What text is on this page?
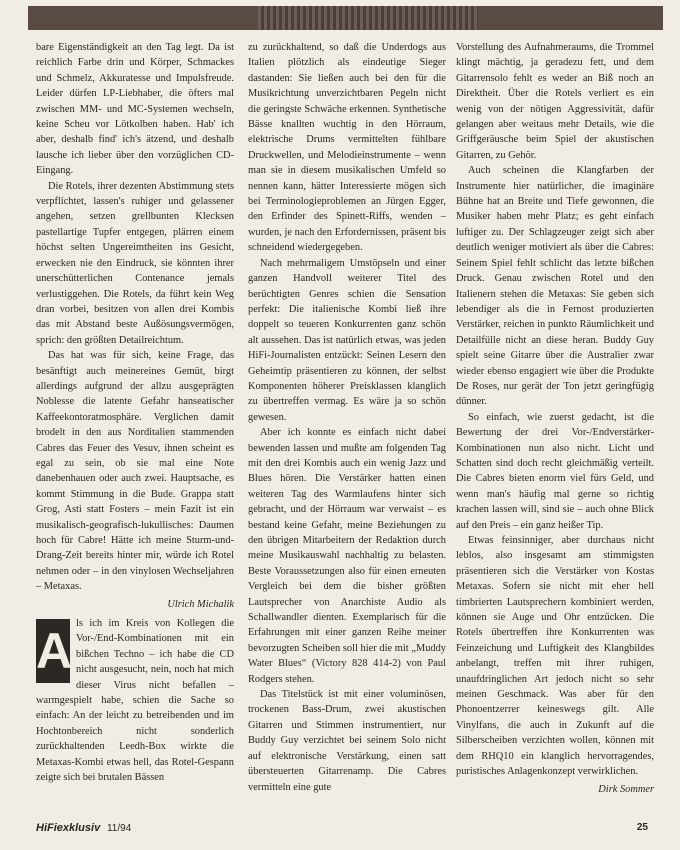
bare Eigenständigkeit an den Tag legt. Da ist reichlich Farbe drin und Körper, Schmackes und Schmelz, Akkuratesse und Impulsfreude. Leider dürfen LP-Liebhaber, die öfters mal zwischen MM- und MC-Systemen wechseln, keine Scheu vor Lötkolben haben. Hab' ich aber, deshalb find' ich's ätzend, und deshalb lausche ich lieber über den vorzüglichen CD-Eingang.

Die Rotels, ihrer dezenten Abstimmung stets verpflichtet, lassen's ruhiger und gelassener angehen, setzen grellbunten Klecksen pastellartige Tupfer entgegen, plärren einem höchst selten Ungereimtheiten ins Gesicht, erwecken nie den Eindruck, sie könnten ihrer unerschütterlichen Contenance jemals verlustiggehen. Die Rotels, da führt kein Weg dran vorbei, besitzen von allen drei Kombis das mit Abstand beste Außösungsvermögen, sprich: den größten Detailreichtum.

Das hat was für sich, keine Frage, das besänftigt auch meinereines Gemüt, birgt allerdings aufgrund der allzu ausgeprägten Noblesse die latente Gefahr hanseatischer Kaffeekontoratmosphäre. Verglichen damit brodelt in den aus Norditalien stammenden Cabres das Feuer des Vesuv, ihnen scheint es egal zu sein, ob sie mal eine Note danebenhauen oder auch zwei. Hauptsache, es kommt Stimmung in die Bude. Grappa statt Grog, Asti statt Fosters – mein Fazit ist ein musikalisch-geografisch-lukullisches: Daumen hoch für Cabre! Hätte ich meine Sturm-und-Drang-Zeit bereits hinter mir, würde ich Rotel nehmen oder – in den vinylosen Wechseljahren – Metaxas.

Ulrich Michalik

A ls ich im Kreis von Kollegen die Vor-/End-Kombinationen mit ein bißchen Techno – ich habe die CD nicht ausgesucht, nein, noch hat mich dieser Virus nicht befallen – warmgespielt habe, schien die Sache so einfach: An der leicht zu betreibenden und im Hochtonbereich nicht sonderlich zurückhaltenden Leedh-Box wirkte die Metaxas-Kombi etwas hell, das Rotel-Gespann zeigte sich bei brutalen Bässen

zu zurückhaltend, so daß die Underdogs aus Italien plötzlich als eindeutige Sieger dastanden: Sie ließen auch bei den für die Musikrichtung unverzichtbaren Pegeln nicht die geringste Schwäche erkennen. Synthetische Bässe knallten wuchtig in den Hörraum, elektrische Drums vermittelten fühlbare Druckwellen, und Melodieinstrumente – wenn man sie in diesem musikalischen Umfeld so nennen kann, hätter Interessierte mögen sich bei Terminologieproblemen an Jürgen Egger, den Erfinder des Spinett-Riffs, wenden – wurden, je nach den Erfordernissen, präsent bis schneidend wiedergegeben.

Nach mehrmaligem Umstöpseln und einer ganzen Handvoll weiterer Titel des berüchtigten Genres schien die Sensation perfekt: Die italienische Kombi ließ ihre doppelt so teueren Konkurrenten ganz schön alt aussehen. Das ist natürlich etwas, was jeden HiFi-Journalisten entzückt: Seinen Lesern den Geheimtip präsentieren zu können, der selbst Komponenten höherer Preisklassen klanglich zu übertreffen vermag. Es wäre ja so schön gewesen.

Aber ich konnte es einfach nicht dabei bewenden lassen und mußte am folgenden Tag mit den drei Kombis auch ein wenig Jazz und Blues hören. Die Verstärker hatten einen weiteren Tag des Warmlaufens hinter sich gebracht, und der Hörraum war verwaist – es bestand keine Gefahr, meine Beziehungen zu den übrigen Mitarbeitern der Redaktion durch meine Musikauswahl nachhaltig zu belasten. Beste Voraussetzungen also für einen erneuten Vergleich bei dem die bisher größten Lautsprecher von Anarchiste Audio als Schallwandler dienten. Exemplarisch für die Erfahrungen mit einer ganzen Reihe meiner bevorzugten Scheiben soll hier die mit „Muddy Water Blues“ (Victory 828 414-2) von Paul Rodgers stehen.

Das Titelstück ist mit einer voluminösen, trockenen Bass-Drum, zwei akustischen Gitarren und Stimmen instrumentiert, nur Buddy Guy verzichtet bei seinem Solo nicht auf elektronische Verstärkung, einen satt übersteuerten Gitarrenamp. Die Cabres vermitteln eine gute

Vorstellung des Aufnahmeraums, die Trommel klingt mächtig, ja geradezu fett, und dem Gitarrensolo fehlt es weder an Biß noch an Direktheit. Über die Rotels verliert es ein wenig von der nötigen Aggressivität, dafür gelangen aber weitaus mehr Details, wie die Griffgeräusche beim Spiel der akustischen Gitarren, zu Gehör.

Auch scheinen die Klangfarben der Instrumente hier natürlicher, die imaginäre Bühne hat an Breite und Tiefe gewonnen, die Musiker haben mehr Platz; es geht einfach luftiger zu. Der Schlagzeuger zeigt sich aber deutlich weniger motiviert als über die Cabres: Seinem Spiel fehlt schlicht das letzte bißchen Druck. Genau zwischen Rotel und den Italienern stehen die Metaxas: Sie geben sich lebendiger als die in Fernost produzierten Verstärker, reichen in punkto Räumlichkeit und Detailfülle nicht an diese heran. Buddy Guy spielt seine Gitarre über die Australier zwar wieder ebenso engagiert wie über die Produkte De Roses, nur gerät der Ton jetzt geringfügig dünner.

So einfach, wie zuerst gedacht, ist die Bewertung der drei Vor-/Endverstärker-Kombinationen nun also nicht. Licht und Schatten sind doch recht gleichmäßig verteilt. Die Cabres bieten enorm viel fürs Geld, und wenn man's häufig mal gerne so richtig krachen lassen will, sind sie – auch ohne Blick auf den Preis – ein ganz heißer Tip.

Etwas feinsinniger, aber durchaus nicht leblos, also insgesamt am stimmigsten präsentieren sich die Verstärker von Kostas Metaxas. Sofern sie nicht mit eher hell timbrierten Lautsprechern kombiniert werden, können sie Auge und Ohr entzücken. Die Rotels übertreffen ihre Konkurrenten was Feinzeichung und Luftigkeit des Klangbildes anbelangt, treffen mit ihrer ruhigen, unaufdringlichen Art jedoch nicht so sehr meinen Geschmack. Was aber für den Phonoentzerrer keineswegs gilt. Alle Vinylfans, die auch in Zukunft auf die Silberscheiben verzichten wollen, können mit dem RHQ10 ein klanglich hervorragendes, puristisches Anlagenkonzept verwirklichen.

Dirk Sommer
HiFiexklusiv 11/94	25
